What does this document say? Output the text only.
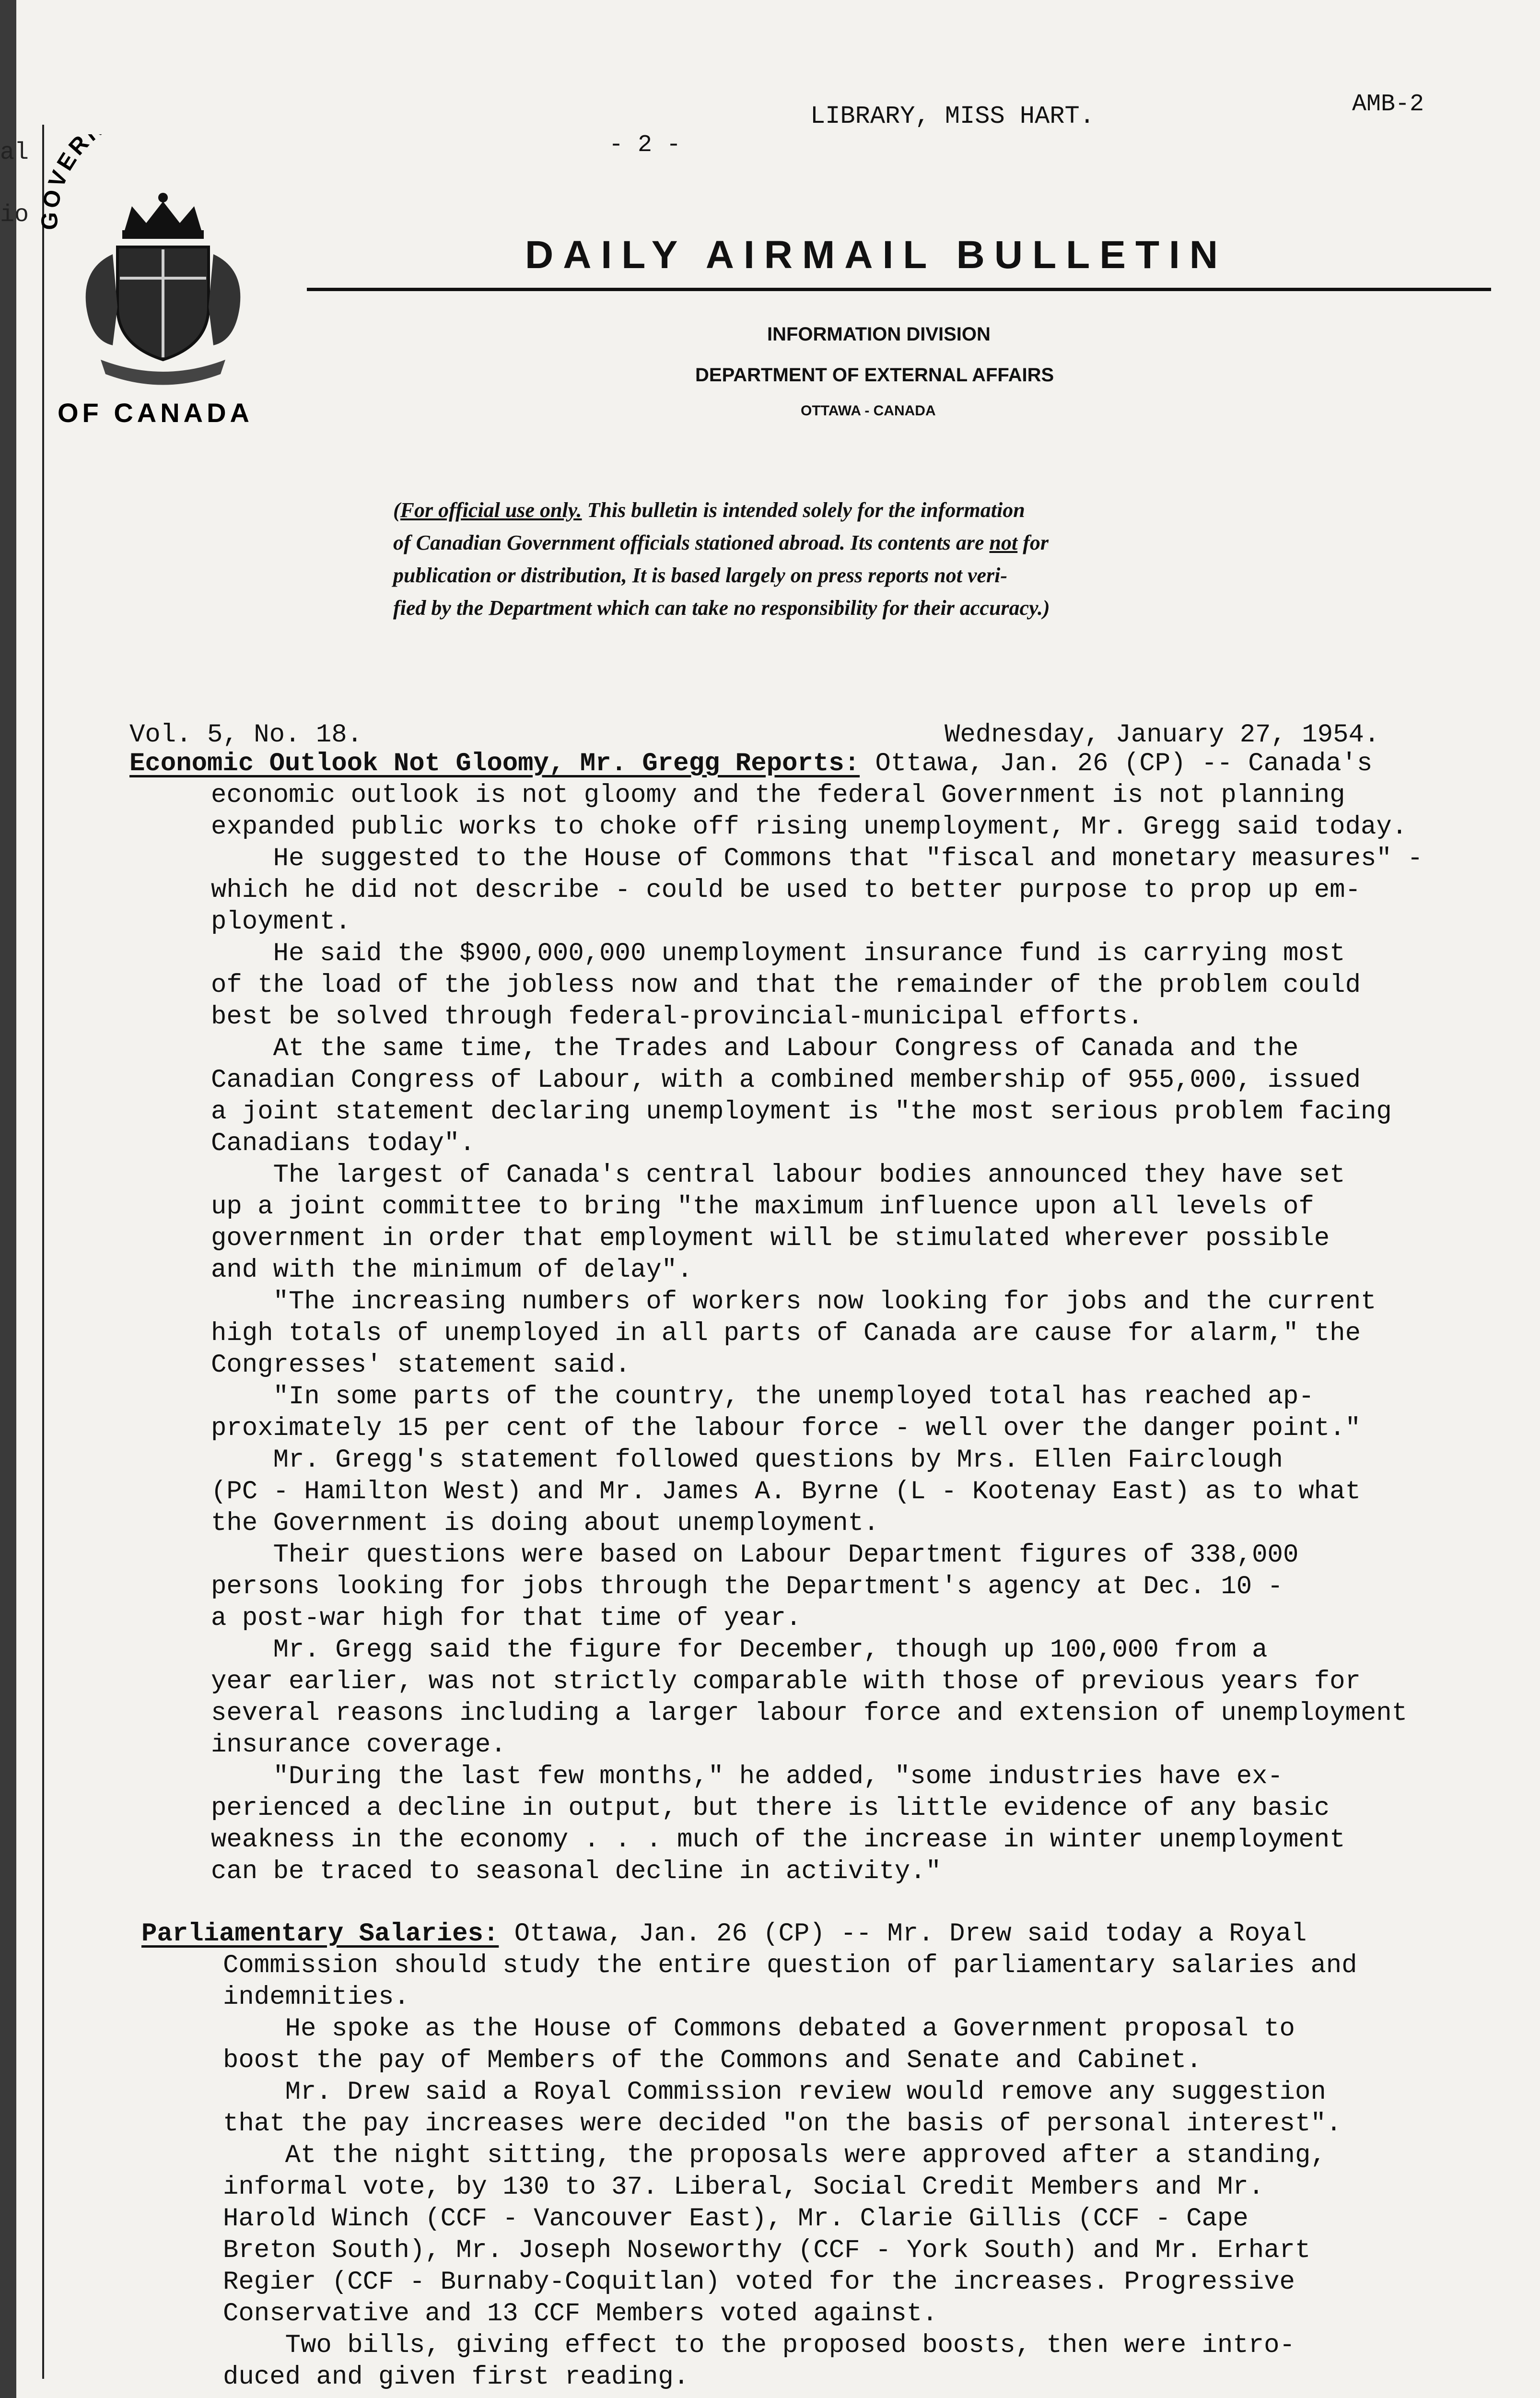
al
io
- 2 -
LIBRARY, MISS HART.	AMB-2
GOVER
OF CANADA
DAILY AIRMAIL BULLETIN
INFORMATION DIVISION
DEPARTMENT OF EXTERNAL AFFAIRS
OTTAWA - CANADA
(For official use only. This bulletin is intended solely for the information
of Canadian Government officials stationed abroad. Its contents are not for
publication or distribution, It is based largely on press reports not veri-
fied by the Department which can take no responsibility for their accuracy.)
Vol. 5, No. 18.	Wednesday, January 27, 1954.
Economic Outlook Not Gloomy, Mr. Gregg Reports: Ottawa, Jan. 26 (CP) -- Canada's
economic outlook is not gloomy and the federal Government is not planning
expanded public works to choke off rising unemployment, Mr. Gregg said today.
He suggested to the House of Commons that "fiscal and monetary measures" -
which he did not describe - could be used to better purpose to prop up em-
ployment.
He said the $900,000,000 unemployment insurance fund is carrying most
of the load of the jobless now and that the remainder of the problem could
best be solved through federal-provincial-municipal efforts.
At the same time, the Trades and Labour Congress of Canada and the
Canadian Congress of Labour, with a combined membership of 955,000, issued
a joint statement declaring unemployment is "the most serious problem facing
Canadians today".
The largest of Canada's central labour bodies announced they have set
up a joint committee to bring "the maximum influence upon all levels of
government in order that employment will be stimulated wherever possible
and with the minimum of delay".
"The increasing numbers of workers now looking for jobs and the current
high totals of unemployed in all parts of Canada are cause for alarm," the
Congresses' statement said.
"In some parts of the country, the unemployed total has reached ap-
proximately 15 per cent of the labour force - well over the danger point."
Mr. Gregg's statement followed questions by Mrs. Ellen Fairclough
(PC - Hamilton West) and Mr. James A. Byrne (L - Kootenay East) as to what
the Government is doing about unemployment.
Their questions were based on Labour Department figures of 338,000
persons looking for jobs through the Department's agency at Dec. 10 -
a post-war high for that time of year.
Mr. Gregg said the figure for December, though up 100,000 from a
year earlier, was not strictly comparable with those of previous years for
several reasons including a larger labour force and extension of unemployment
insurance coverage.
"During the last few months," he added, "some industries have ex-
perienced a decline in output, but there is little evidence of any basic
weakness in the economy . . . much of the increase in winter unemployment
can be traced to seasonal decline in activity."
Parliamentary Salaries: Ottawa, Jan. 26 (CP) -- Mr. Drew said today a Royal
Commission should study the entire question of parliamentary salaries and
indemnities.
He spoke as the House of Commons debated a Government proposal to
boost the pay of Members of the Commons and Senate and Cabinet.
Mr. Drew said a Royal Commission review would remove any suggestion
that the pay increases were decided "on the basis of personal interest".
At the night sitting, the proposals were approved after a standing,
informal vote, by 130 to 37. Liberal, Social Credit Members and Mr.
Harold Winch (CCF - Vancouver East), Mr. Clarie Gillis (CCF - Cape
Breton South), Mr. Joseph Noseworthy (CCF - York South) and Mr. Erhart
Regier (CCF - Burnaby-Coquitlan) voted for the increases. Progressive
Conservative and 13 CCF Members voted against.
Two bills, giving effect to the proposed boosts, then were intro-
duced and given first reading.
